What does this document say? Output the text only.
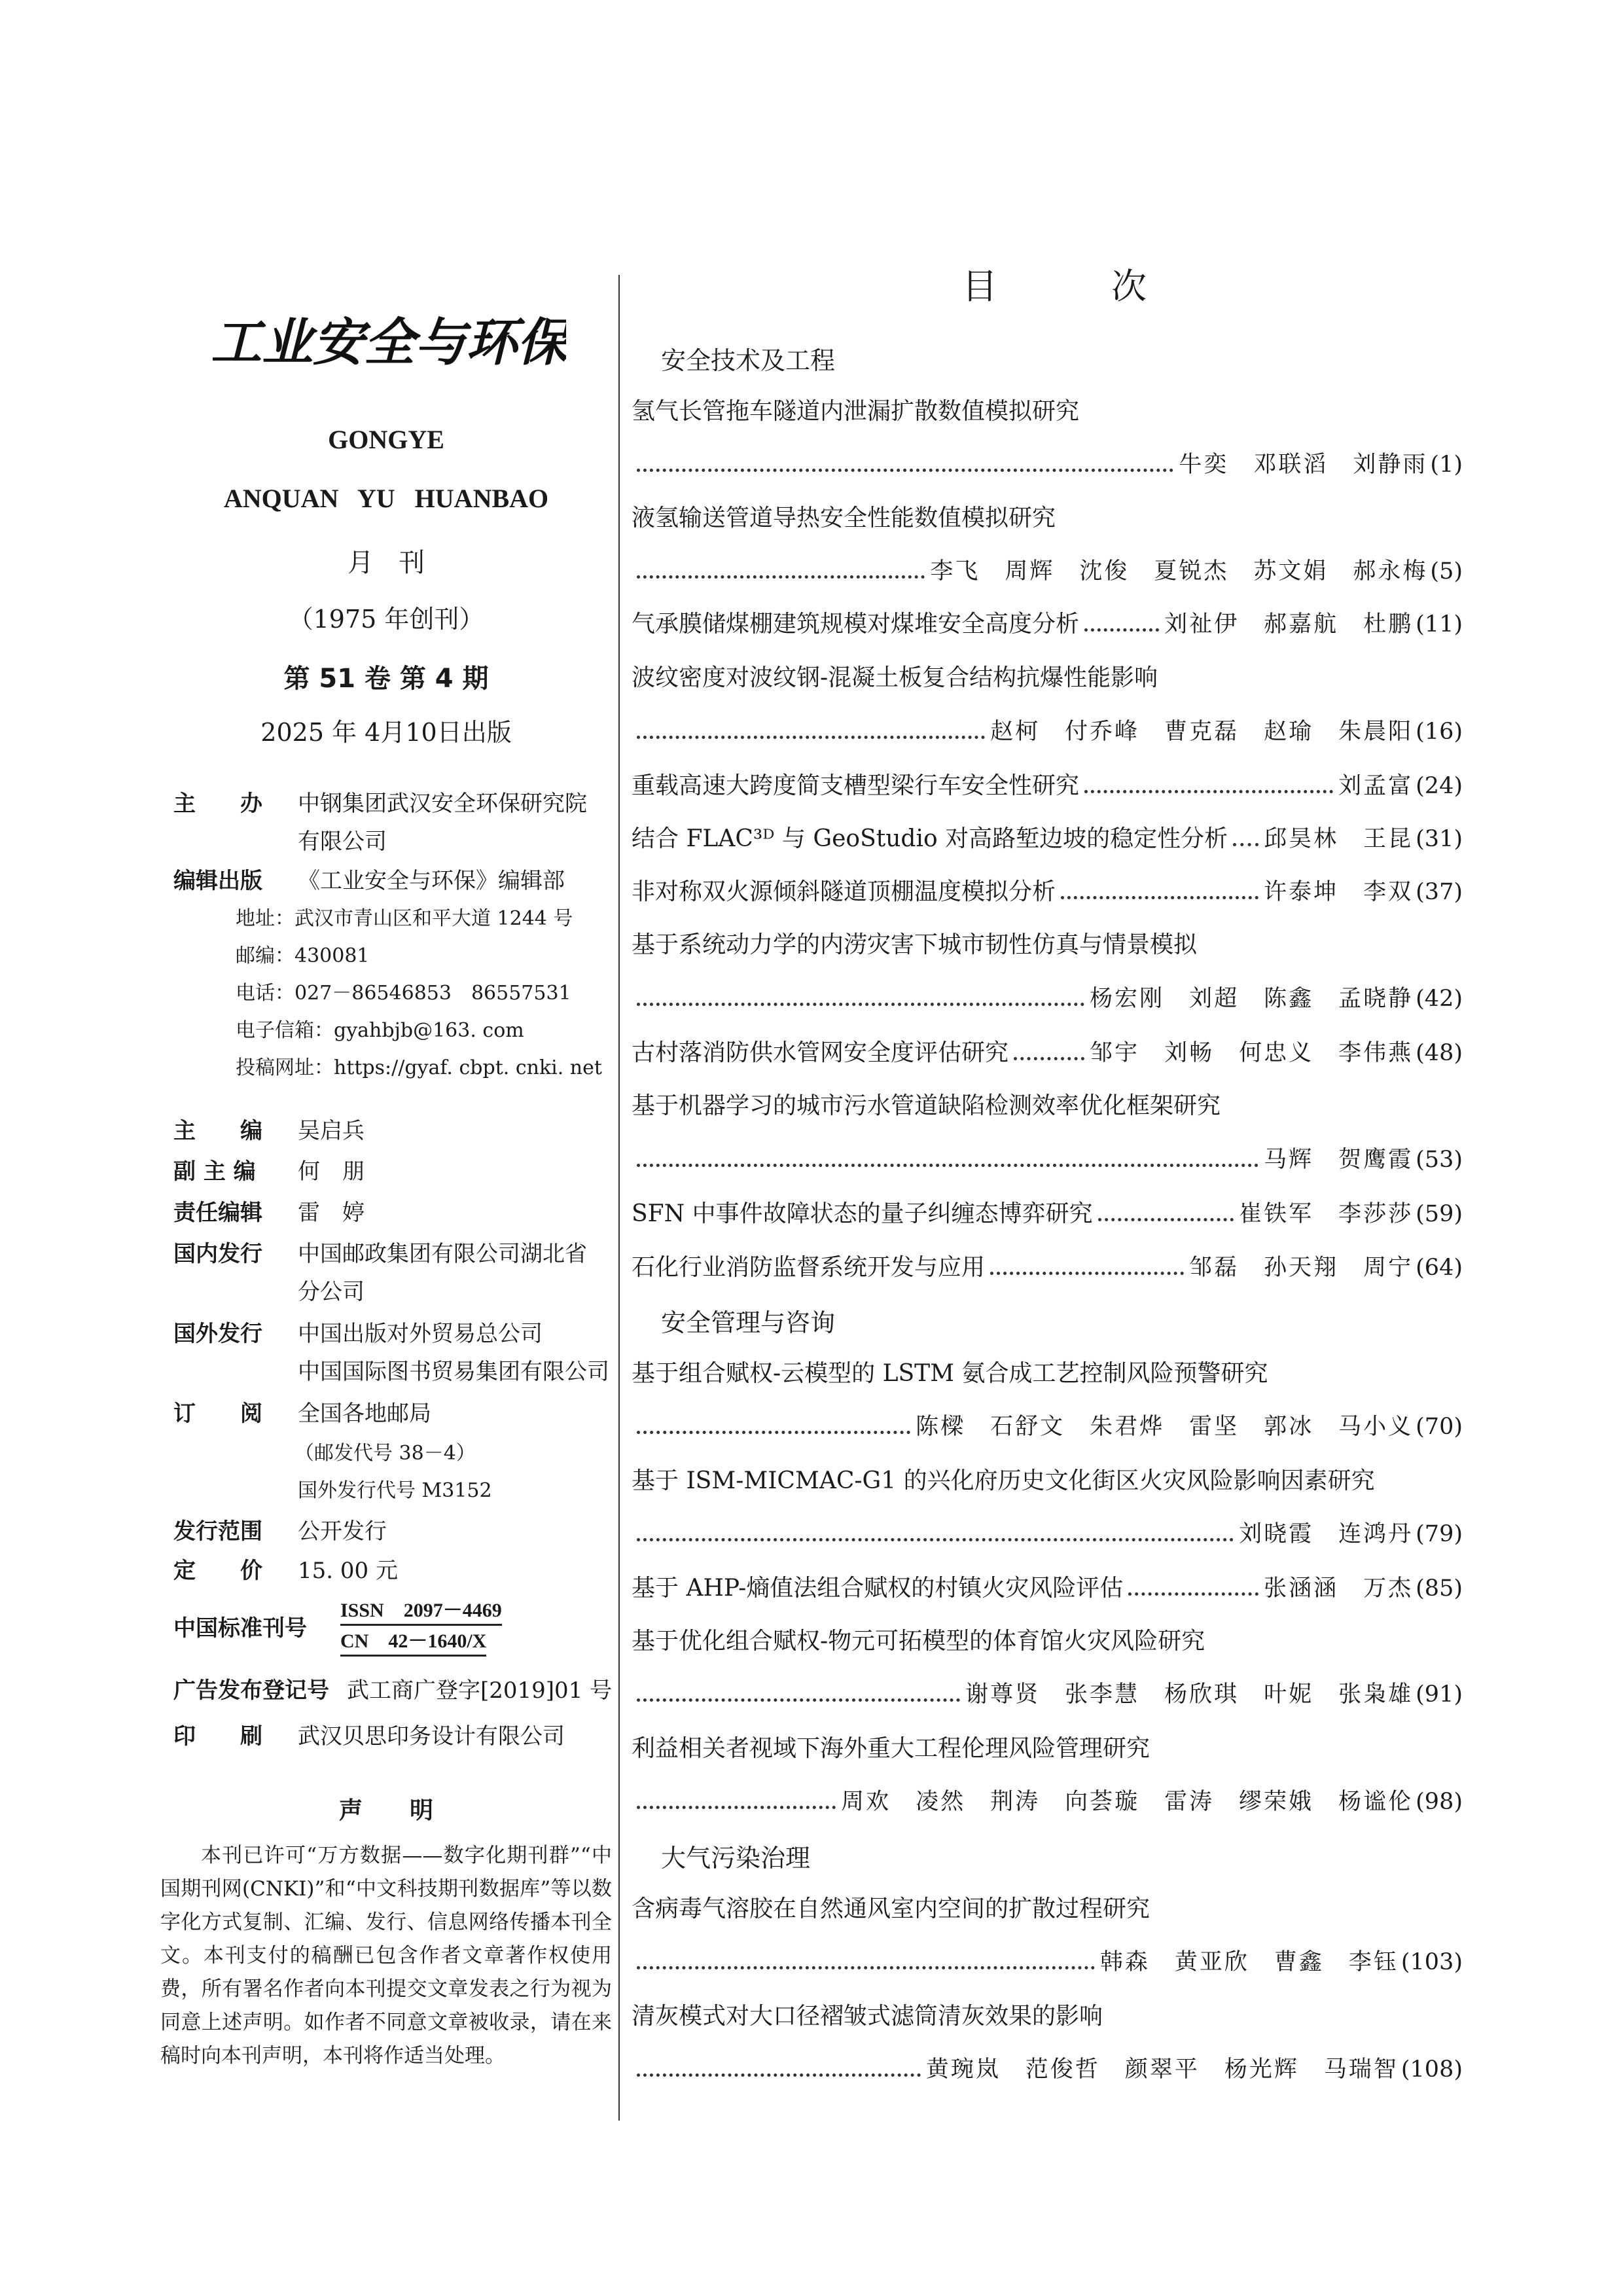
工业安全与环保
GONGYE
ANQUAN   YU   HUANBAO
月   刊
（1975 年创刊）
第 51 卷 第 4 期
2025 年 4月10日出版
主　　办 中钢集团武汉安全环保研究院
有限公司
编辑出版 《工业安全与环保》编辑部
地址：武汉市青山区和平大道 1244 号
邮编：430081
电话：027－86546853　86557531
电子信箱：gyahbjb@163. com
投稿网址：https://gyaf. cbpt. cnki. net
主　　编 吴启兵
副 主 编 何　朋
责任编辑 雷　婷
国内发行 中国邮政集团有限公司湖北省
分公司
国外发行 中国出版对外贸易总公司
中国国际图书贸易集团有限公司
订　　阅 全国各地邮局
（邮发代号 38－4）
国外发行代号 M3152
发行范围 公开发行
定　　价 15. 00 元
中国标准刊号
ISSN　2097－4469
CN　42－1640/X
广告发布登记号 武工商广登字[2019]01 号
印　　刷 武汉贝思印务设计有限公司
声　　明
本刊已许可“万方数据——数字化期刊群”“中国期刊网(CNKI)”和“中文科技期刊数据库”等以数字化方式复制、汇编、发行、信息网络传播本刊全文。本刊支付的稿酬已包含作者文章著作权使用费，所有署名作者向本刊提交文章发表之行为视为同意上述声明。如作者不同意文章被收录，请在来稿时向本刊声明，本刊将作适当处理。
目　次
安全技术及工程
氢气长管拖车隧道内泄漏扩散数值模拟研究
牛奕　邓联滔　刘静雨 (1)
液氢输送管道导热安全性能数值模拟研究
李飞　周辉　沈俊　夏锐杰　苏文娟　郝永梅 (5)
气承膜储煤棚建筑规模对煤堆安全高度分析	刘祉伊　郝嘉航　杜鹏 (11)
波纹密度对波纹钢-混凝土板复合结构抗爆性能影响
赵柯　付乔峰　曹克磊　赵瑜　朱晨阳 (16)
重载高速大跨度简支槽型梁行车安全性研究	刘孟富 (24)
结合 FLAC³ᴰ 与 GeoStudio 对高路堑边坡的稳定性分析 邱昊林　王昆 (31)
非对称双火源倾斜隧道顶棚温度模拟分析	许泰坤　李双 (37)
基于系统动力学的内涝灾害下城市韧性仿真与情景模拟
杨宏刚　刘超　陈鑫　孟晓静 (42)
古村落消防供水管网安全度评估研究	邹宇　刘畅　何忠义　李伟燕 (48)
基于机器学习的城市污水管道缺陷检测效率优化框架研究
马辉　贺鹰霞 (53)
SFN 中事件故障状态的量子纠缠态博弈研究	崔铁军　李莎莎 (59)
石化行业消防监督系统开发与应用	邹磊　孙天翔　周宁 (64)
安全管理与咨询
基于组合赋权-云模型的 LSTM 氨合成工艺控制风险预警研究
陈樑　石舒文　朱君烨　雷坚　郭冰　马小义 (70)
基于 ISM-MICMAC-G1 的兴化府历史文化街区火灾风险影响因素研究
刘晓霞　连鸿丹 (79)
基于 AHP-熵值法组合赋权的村镇火灾风险评估	张涵涵　万杰 (85)
基于优化组合赋权-物元可拓模型的体育馆火灾风险研究
谢尊贤　张李慧　杨欣琪　叶妮　张枭雄 (91)
利益相关者视域下海外重大工程伦理风险管理研究
周欢　凌然　荆涛　向荟璇　雷涛　缪荣娥　杨谧伦 (98)
大气污染治理
含病毒气溶胶在自然通风室内空间的扩散过程研究
韩森　黄亚欣　曹鑫　李钰 (103)
清灰模式对大口径褶皱式滤筒清灰效果的影响
黄琬岚　范俊哲　颜翠平　杨光辉　马瑞智 (108)
